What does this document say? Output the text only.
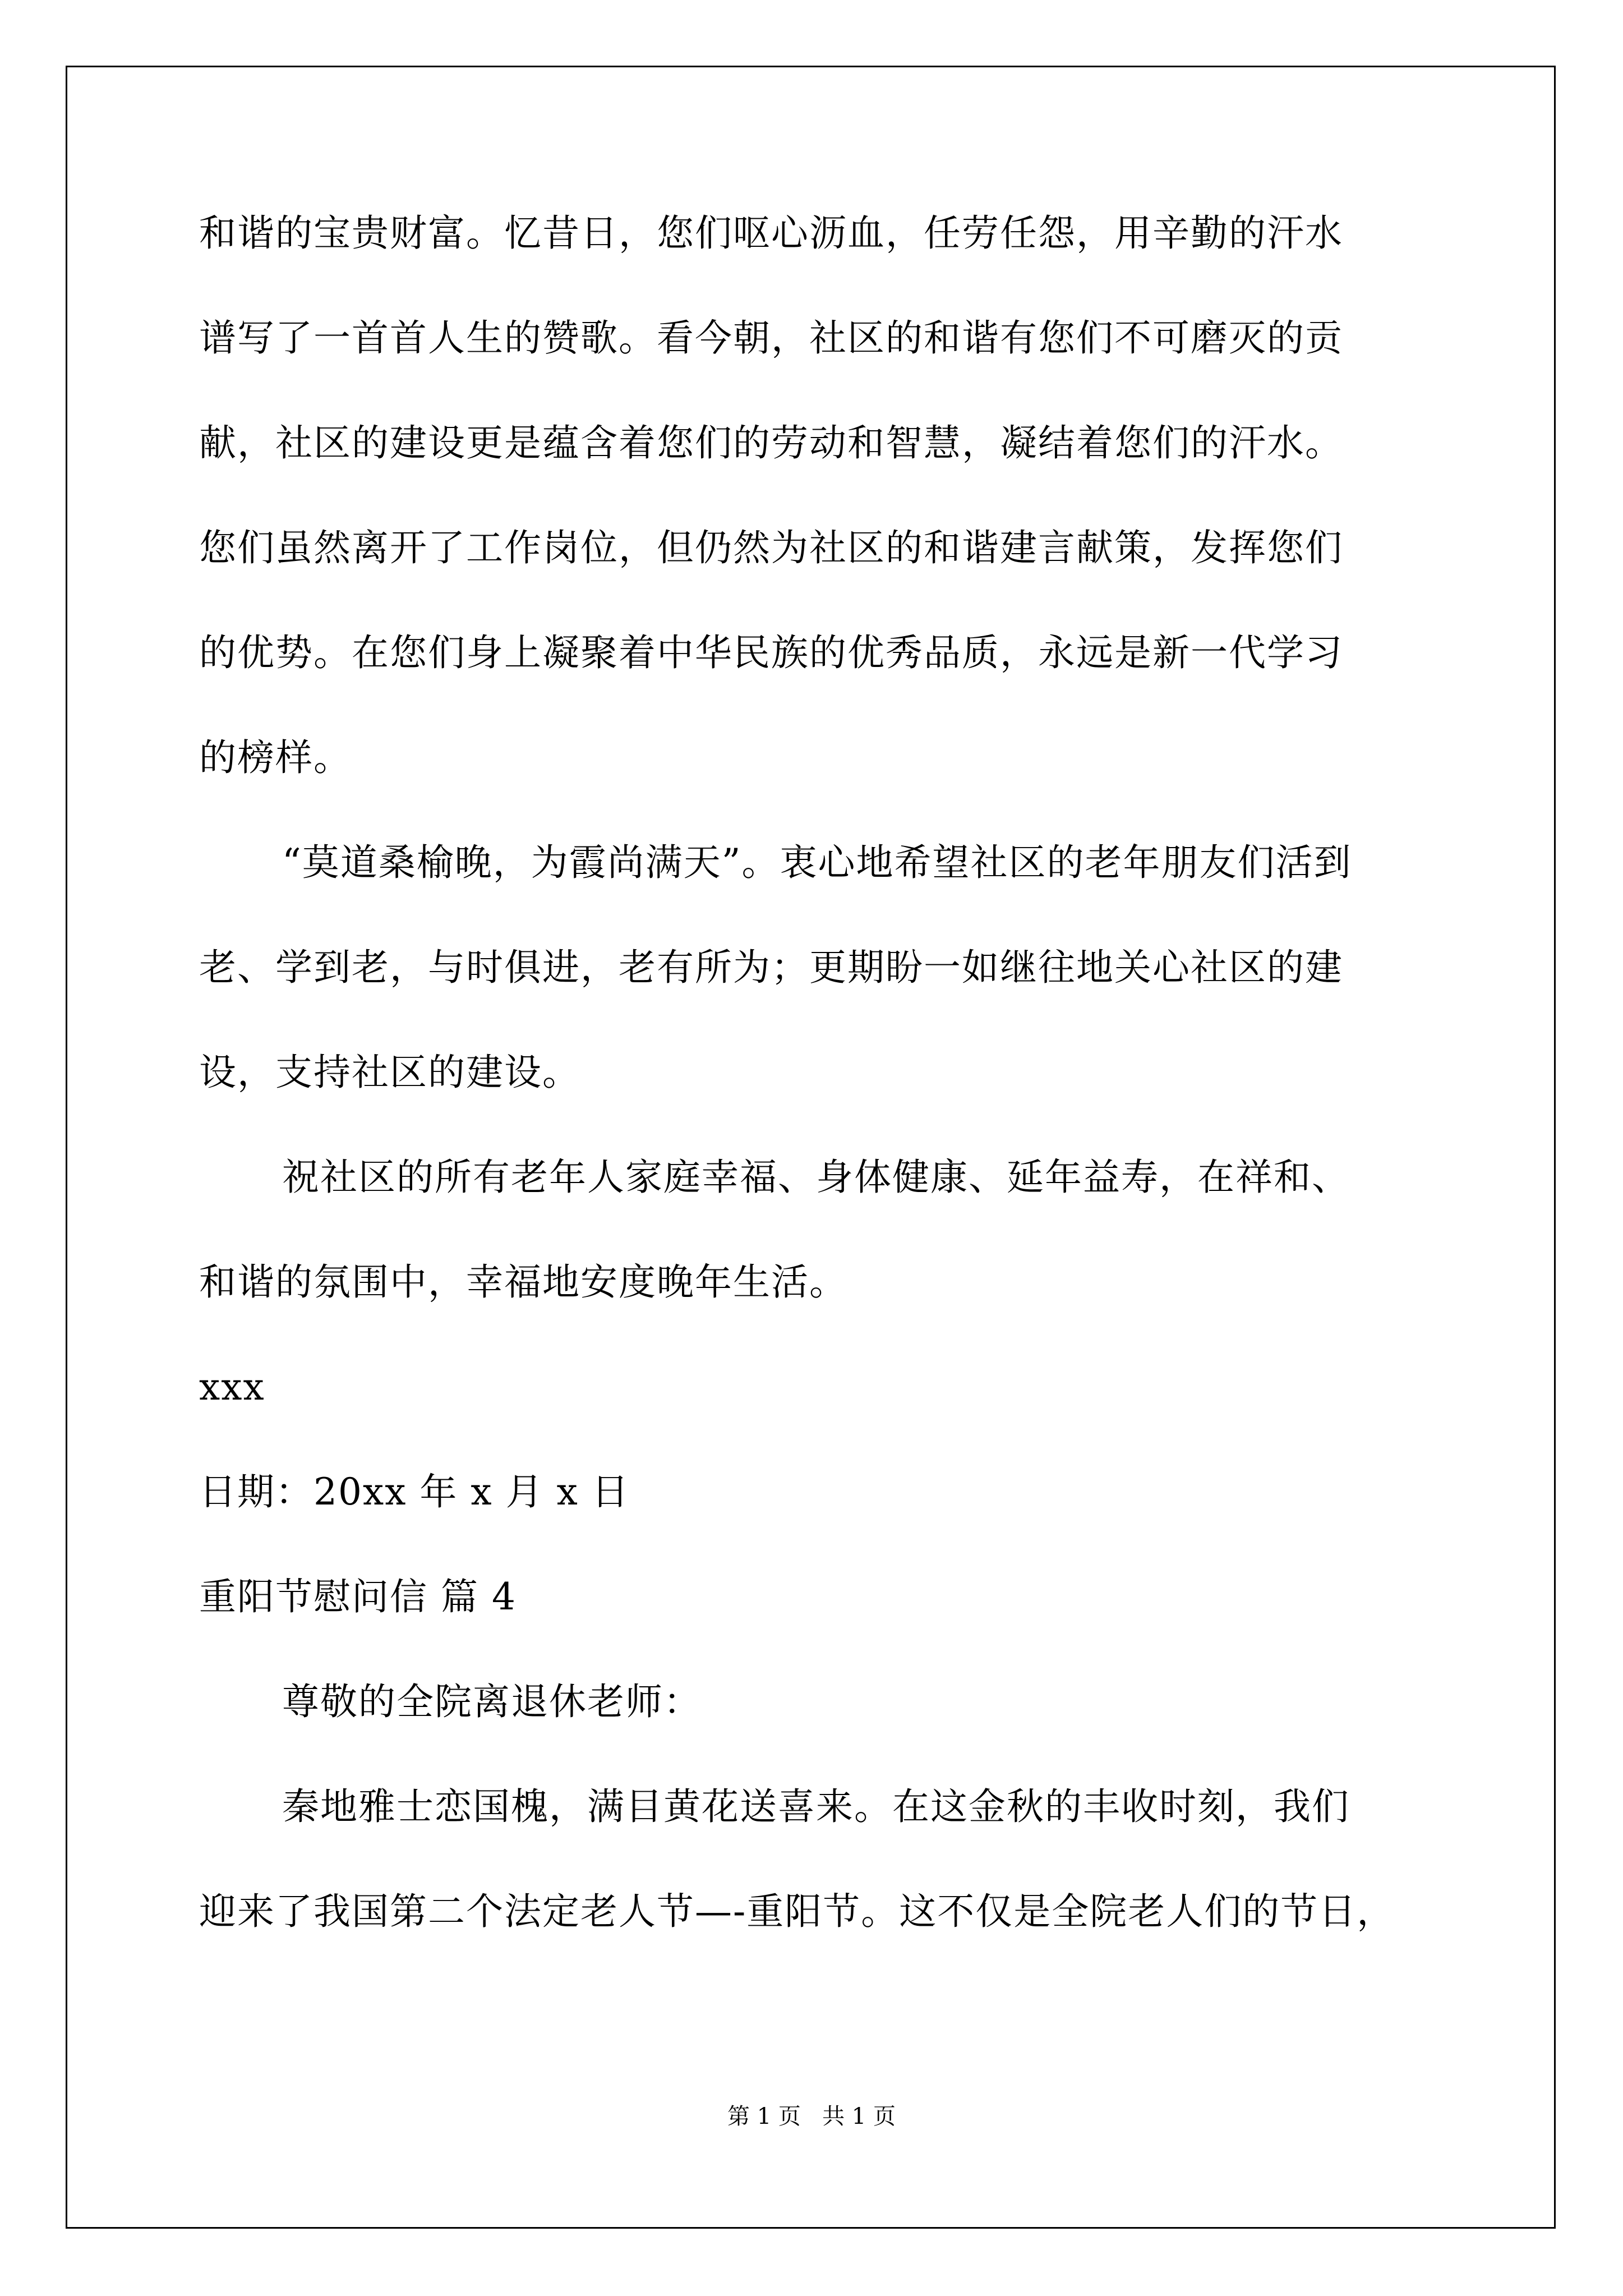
和谐的宝贵财富。忆昔日，您们呕心沥血，任劳任怨，用辛勤的汗水
谱写了一首首人生的赞歌。看今朝，社区的和谐有您们不可磨灭的贡
献，社区的建设更是蕴含着您们的劳动和智慧，凝结着您们的汗水。
您们虽然离开了工作岗位，但仍然为社区的和谐建言献策，发挥您们
的优势。在您们身上凝聚着中华民族的优秀品质，永远是新一代学习
的榜样。
“莫道桑榆晚，为霞尚满天”。衷心地希望社区的老年朋友们活到
老、学到老，与时俱进，老有所为；更期盼一如继往地关心社区的建
设，支持社区的建设。
祝社区的所有老年人家庭幸福、身体健康、延年益寿，在祥和、
和谐的氛围中，幸福地安度晚年生活。
xxx
日期：20xx 年 x 月 x 日
重阳节慰问信 篇 4
尊敬的全院离退休老师：
秦地雅士恋国槐，满目黄花送喜来。在这金秋的丰收时刻，我们
迎来了我国第二个法定老人节—-重阳节。这不仅是全院老人们的节日，
第 1 页   共 1 页
